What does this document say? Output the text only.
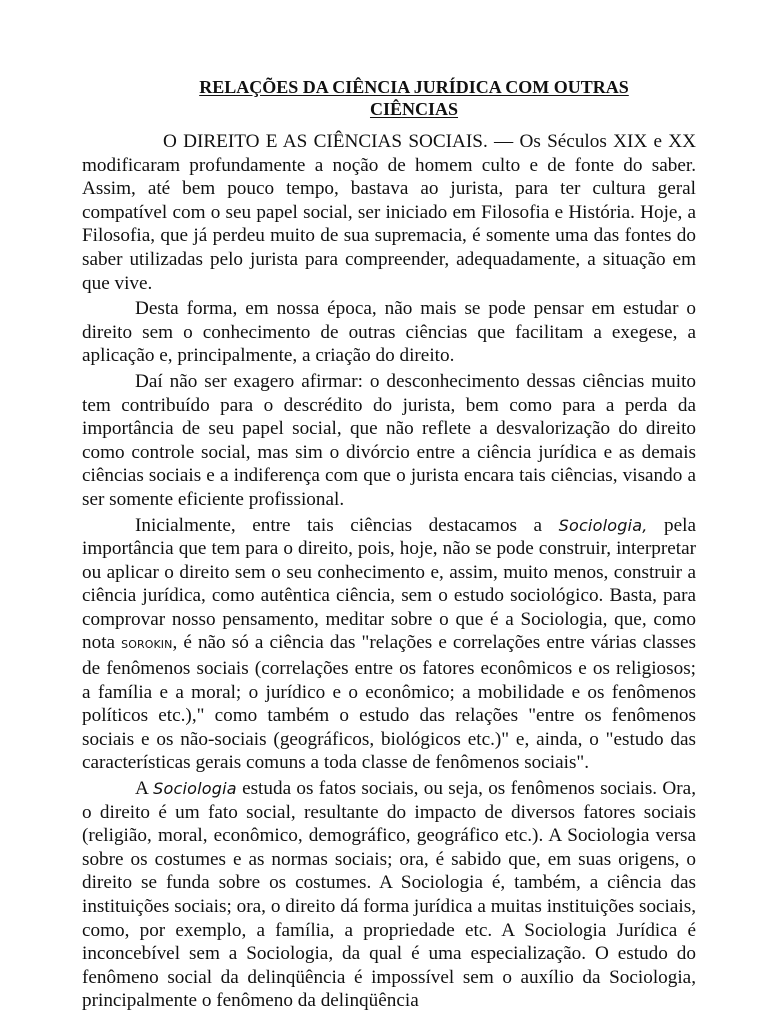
RELAÇÕES DA CIÊNCIA JURÍDICA COM OUTRAS
CIÊNCIAS

O DIREITO E AS CIÊNCIAS SOCIAIS. — Os Séculos XIX e XX modificaram profundamente a noção de homem culto e de fonte do saber. Assim, até bem pouco tempo, bastava ao jurista, para ter cultura geral compatível com o seu papel social, ser iniciado em Filosofia e História. Hoje, a Filosofia, que já perdeu muito de sua supremacia, é somente uma das fontes do saber utilizadas pelo jurista para compreender, adequadamente, a situação em que vive.

Desta forma, em nossa época, não mais se pode pensar em estudar o direito sem o conhecimento de outras ciências que facilitam a exegese, a aplicação e, principalmente, a criação do direito.

Daí não ser exagero afirmar: o desconhecimento dessas ciências muito tem contribuído para o descrédito do jurista, bem como para a perda da importância de seu papel social, que não reflete a desvalorização do direito como controle social, mas sim o divórcio entre a ciência jurídica e as demais ciências sociais e a indiferença com que o jurista encara tais ciências, visando a ser somente eficiente profissional.

Inicialmente, entre tais ciências destacamos a Sociologia, pela importância que tem para o direito, pois, hoje, não se pode construir, interpretar ou aplicar o direito sem o seu conhecimento e, assim, muito menos, construir a ciência jurídica, como autêntica ciência, sem o estudo sociológico. Basta, para comprovar nosso pensamento, meditar sobre o que é a Sociologia, que, como nota SOROKIN, é não só a ciência das "relações e correlações entre várias classes de fenômenos sociais (correlações entre os fatores econômicos e os religiosos; a família e a moral; o jurídico e o econômico; a mobilidade e os fenômenos políticos etc.)," como também o estudo das relações "entre os fenômenos sociais e os não-sociais (geográficos, biológicos etc.)" e, ainda, o "estudo das características gerais comuns a toda classe de fenômenos sociais".

A Sociologia estuda os fatos sociais, ou seja, os fenômenos sociais. Ora, o direito é um fato social, resultante do impacto de diversos fatores sociais (religião, moral, econômico, demográfico, geográfico etc.). A Sociologia versa sobre os costumes e as normas sociais; ora, é sabido que, em suas origens, o direito se funda sobre os costumes. A Sociologia é, também, a ciência das instituições sociais; ora, o direito dá forma jurídica a muitas instituições sociais, como, por exemplo, a família, a propriedade etc. A Sociologia Jurídica é inconcebível sem a Sociologia, da qual é uma especialização. O estudo do fenômeno social da delinqüência é impossível sem o auxílio da Sociologia, principalmente o fenômeno da delinqüência
